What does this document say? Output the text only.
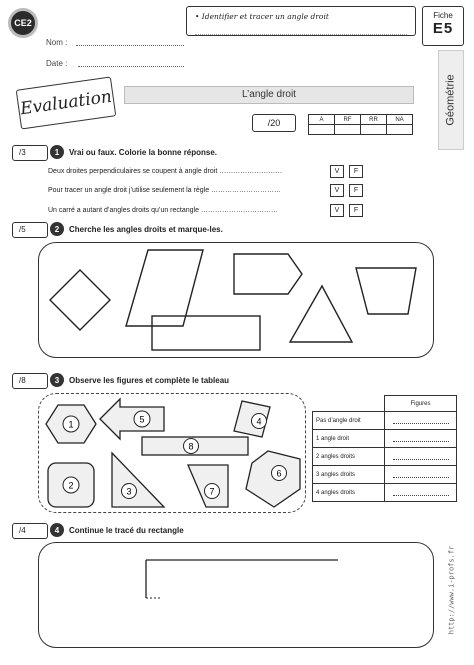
CE2
Nom :
Date :
• Identifier et tracer un angle droit	Fiche
E5
Géométrie
Evaluation	L’angle droit
/20	A	RF	RR	NA

/3	1	Vrai ou faux. Colorie la bonne réponse.
Deux droites perpendiculaires se coupent à angle droit ………………………	V	F
Pour tracer un angle droit j’utilise seulement la règle …………………………	V	F
Un carré a autant d’angles droits qu’un rectangle ……………………………	V	F
/5	2	Cherche les angles droits et marque-les.
/8	3	Observe les figures et complète le tableau
1	5
8
4
2
3	7
6
	Figures
Pas d’angle droit	
1 angle droit	
2 angles droits	
3 angles droits	
4 angles droits	
/4	4	Continue le tracé du rectangle
http://www.i-profs.fr
